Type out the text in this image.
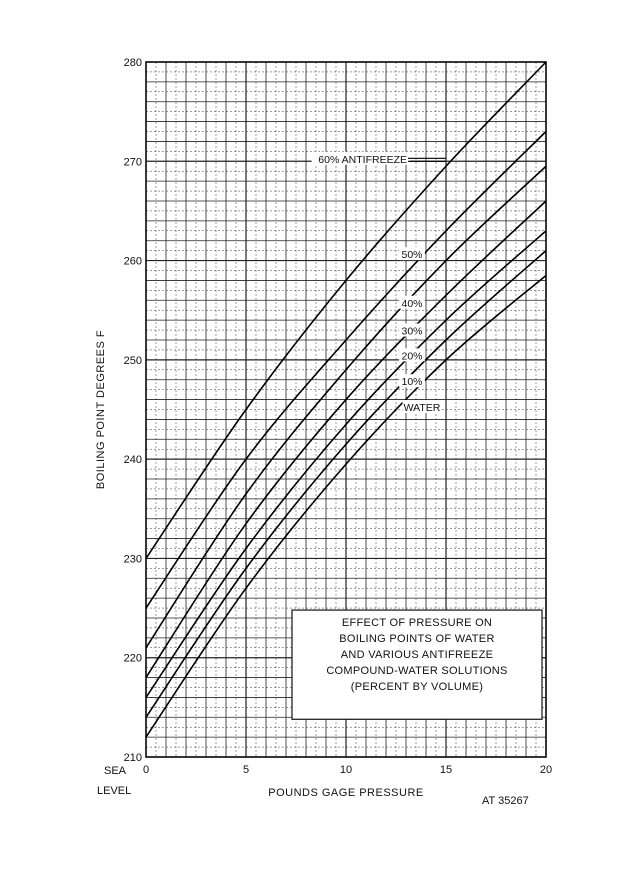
EFFECT OF PRESSURE ON
BOILING POINTS OF WATER
AND VARIOUS ANTIFREEZE
COMPOUND-WATER SOLUTIONS
(PERCENT BY VOLUME)
60% ANTIFREEZE
50%
40%
30%
20%
10%
WATER
210
220
230
240
250
260
270
280
0	5	10	15	20
BOILING POINT DEGREES F
POUNDS GAGE PRESSURE
SEA
LEVEL
AT 35267
